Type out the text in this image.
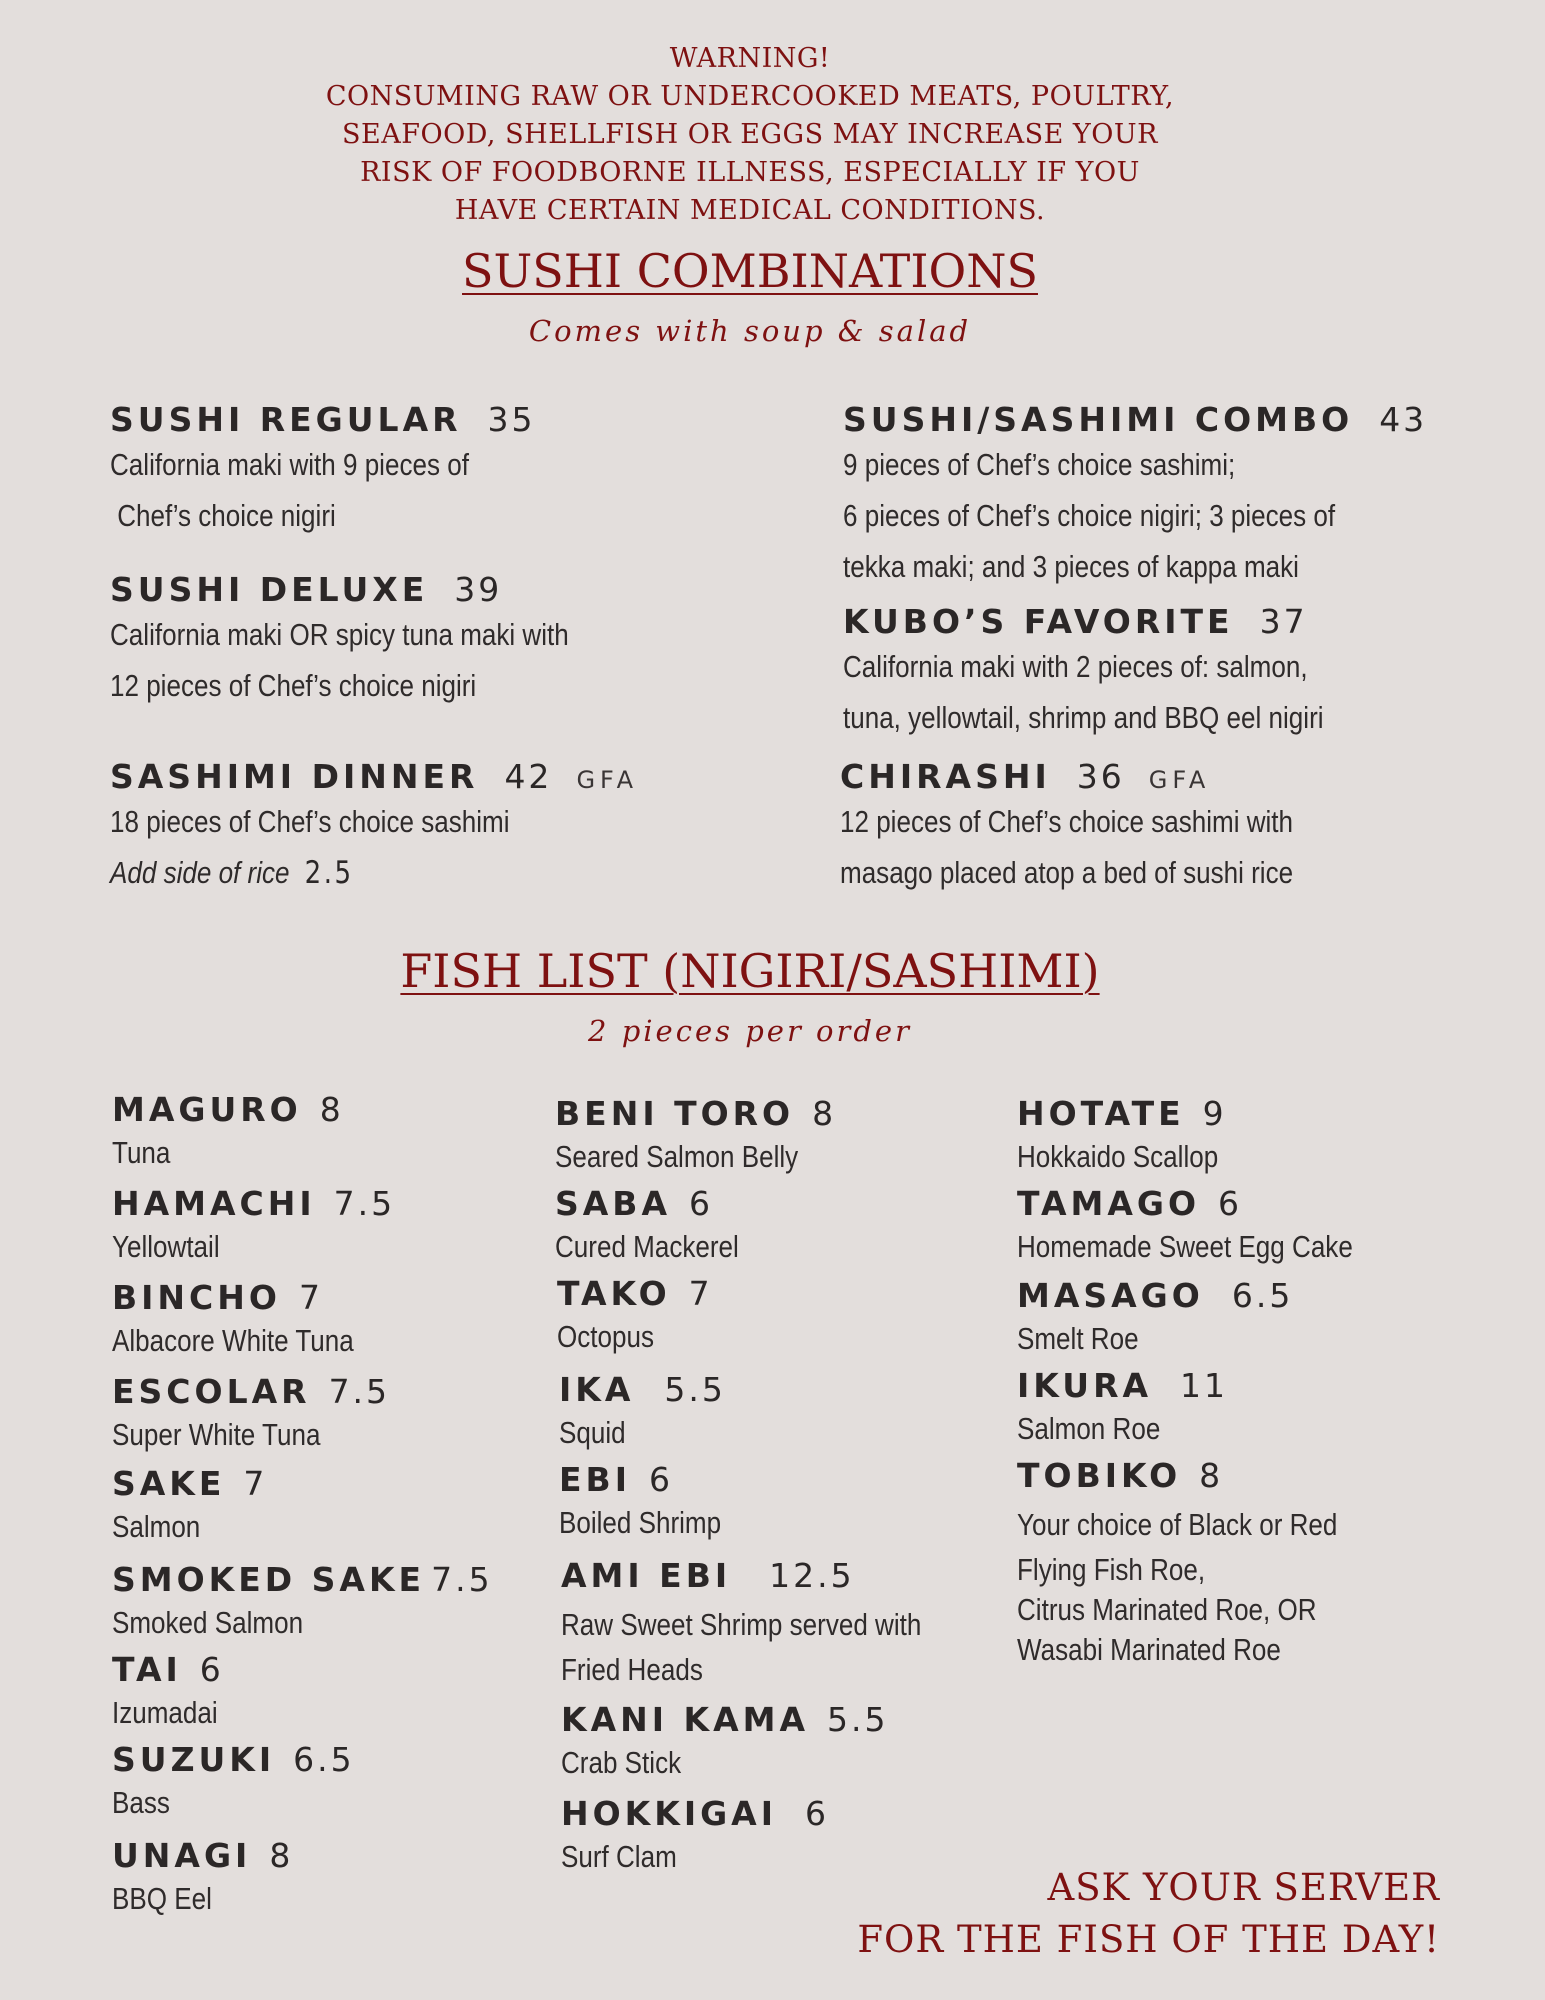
WARNING!
CONSUMING RAW OR UNDERCOOKED MEATS, POULTRY,
SEAFOOD, SHELLFISH OR EGGS MAY INCREASE YOUR
RISK OF FOODBORNE ILLNESS, ESPECIALLY IF YOU
HAVE CERTAIN MEDICAL CONDITIONS.
SUSHI COMBINATIONS
Comes with soup & salad
SUSHI REGULAR 35
California maki with 9 pieces of
Chef’s choice nigiri
SUSHI DELUXE 39
California maki OR spicy tuna maki with
12 pieces of Chef’s choice nigiri
SASHIMI DINNER 42 GFA
18 pieces of Chef’s choice sashimi
Add side of rice 2.5
SUSHI/SASHIMI COMBO 43
9 pieces of Chef’s choice sashimi;
6 pieces of Chef’s choice nigiri; 3 pieces of
tekka maki; and 3 pieces of kappa maki
KUBO’S FAVORITE 37
California maki with 2 pieces of: salmon,
tuna, yellowtail, shrimp and BBQ eel nigiri
CHIRASHI 36 GFA
12 pieces of Chef’s choice sashimi with
masago placed atop a bed of sushi rice
FISH LIST (NIGIRI/SASHIMI)
2 pieces per order
MAGURO 8
Tuna
HAMACHI 7.5
Yellowtail
BINCHO 7
Albacore White Tuna
ESCOLAR 7.5
Super White Tuna
SAKE 7
Salmon
SMOKED SAKE 7.5
Smoked Salmon
TAI 6
Izumadai
SUZUKI 6.5
Bass
UNAGI 8
BBQ Eel
BENI TORO 8
Seared Salmon Belly
SABA 6
Cured Mackerel
TAKO 7
Octopus
IKA 5.5
Squid
EBI 6
Boiled Shrimp
AMI EBI 12.5
Raw Sweet Shrimp served with
Fried Heads
KANI KAMA 5.5
Crab Stick
HOKKIGAI 6
Surf Clam
HOTATE 9
Hokkaido Scallop
TAMAGO 6
Homemade Sweet Egg Cake
MASAGO 6.5
Smelt Roe
IKURA 11
Salmon Roe
TOBIKO 8
Your choice of Black or Red
Flying Fish Roe,
Citrus Marinated Roe, OR
Wasabi Marinated Roe
ASK YOUR SERVER
FOR THE FISH OF THE DAY!
